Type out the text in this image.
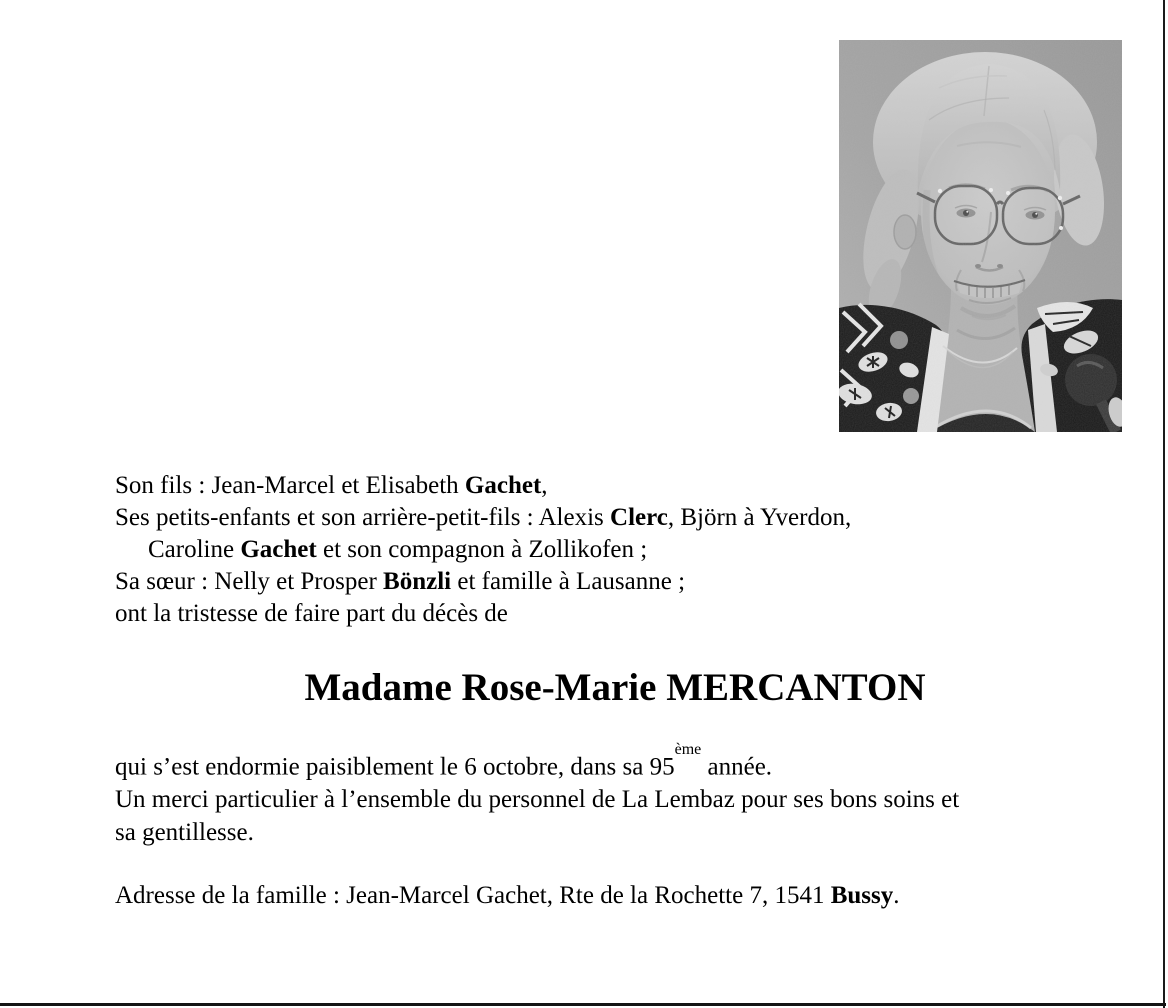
Son fils : Jean-Marcel et Elisabeth Gachet,
Ses petits-enfants et son arrière-petit-fils : Alexis Clerc, Björn à Yverdon,
Caroline Gachet et son compagnon à Zollikofen ;
Sa sœur : Nelly et Prosper Bönzli et famille à Lausanne ;
ont la tristesse de faire part du décès de
Madame Rose-Marie MERCANTON
qui s’est endormie paisiblement le 6 octobre, dans sa 95ème année.
Un merci particulier à l’ensemble du personnel de La Lembaz pour ses bons soins et
sa gentillesse.
Adresse de la famille : Jean-Marcel Gachet, Rte de la Rochette 7, 1541 Bussy.
